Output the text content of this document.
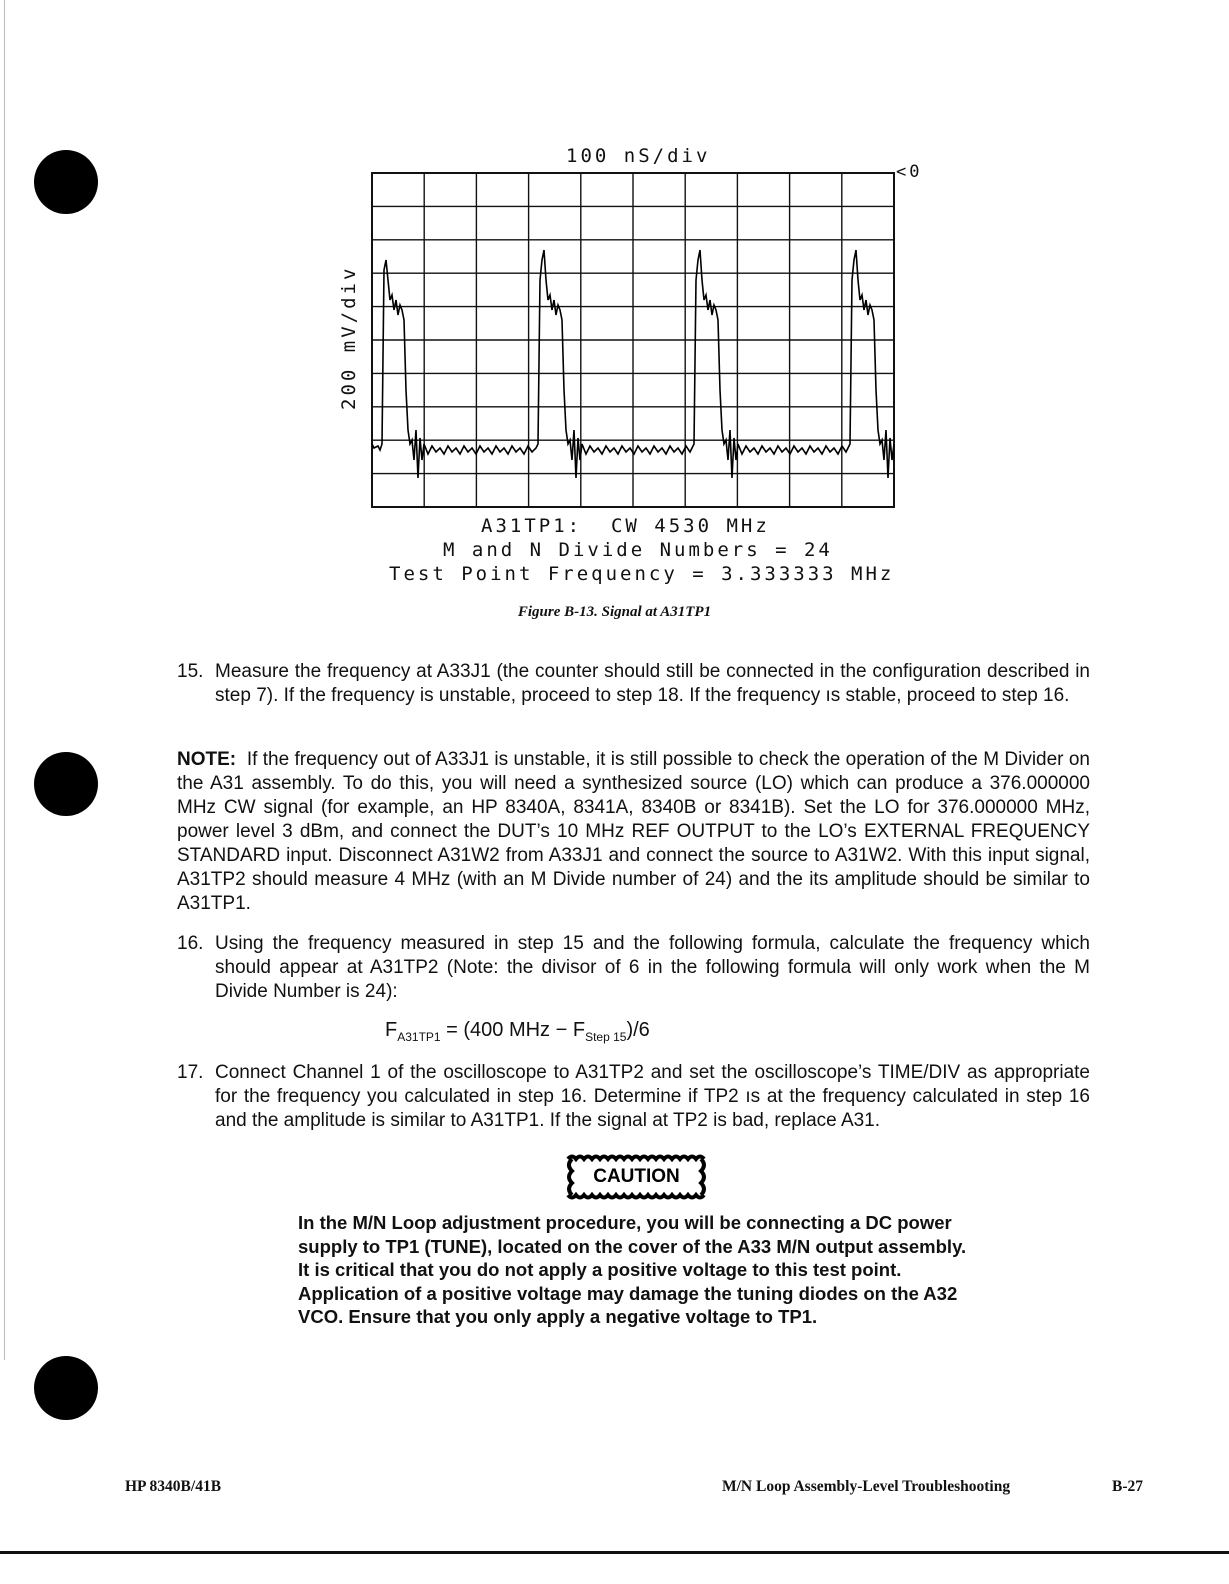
100 nS/div
200 mV/div
<0
A31TP1:  CW 4530 MHz
M and N Divide Numbers = 24
Test Point Frequency = 3.333333 MHz
Figure B-13. Signal at A31TP1
15. Measure the frequency at A33J1 (the counter should still be connected in the configuration described in step 7). If the frequency is unstable, proceed to step 18. If the frequency ıs stable, proceed to step 16.
NOTE: If the frequency out of A33J1 is unstable, it is still possible to check the operation of the M Divider on the A31 assembly. To do this, you will need a synthesized source (LO) which can produce a 376.000000 MHz CW signal (for example, an HP 8340A, 8341A, 8340B or 8341B). Set the LO for 376.000000 MHz, power level 3 dBm, and connect the DUT’s 10 MHz REF OUTPUT to the LO’s EXTERNAL FREQUENCY STANDARD input. Disconnect A31W2 from A33J1 and connect the source to A31W2. With this input signal, A31TP2 should measure 4 MHz (with an M Divide number of 24) and the its amplitude should be similar to A31TP1.
16. Using the frequency measured in step 15 and the following formula, calculate the frequency which should appear at A31TP2 (Note: the divisor of 6 in the following formula will only work when the M Divide Number is 24):
$F_{A31TP1} = (400$ MHz − $F_{Step 15})/6$
17. Connect Channel 1 of the oscilloscope to A31TP2 and set the oscilloscope’s TIME/DIV as appropriate for the frequency you calculated in step 16. Determine if TP2 ıs at the frequency calculated in step 16 and the amplitude is similar to A31TP1. If the signal at TP2 is bad, replace A31.
CAUTION
In the M/N Loop adjustment procedure, you will be connecting a DC power supply to TP1 (TUNE), located on the cover of the A33 M/N output assembly. It is critical that you do not apply a positive voltage to this test point. Application of a positive voltage may damage the tuning diodes on the A32 VCO. Ensure that you only apply a negative voltage to TP1.
HP 8340B/41B	M/N Loop Assembly-Level Troubleshooting	B-27
